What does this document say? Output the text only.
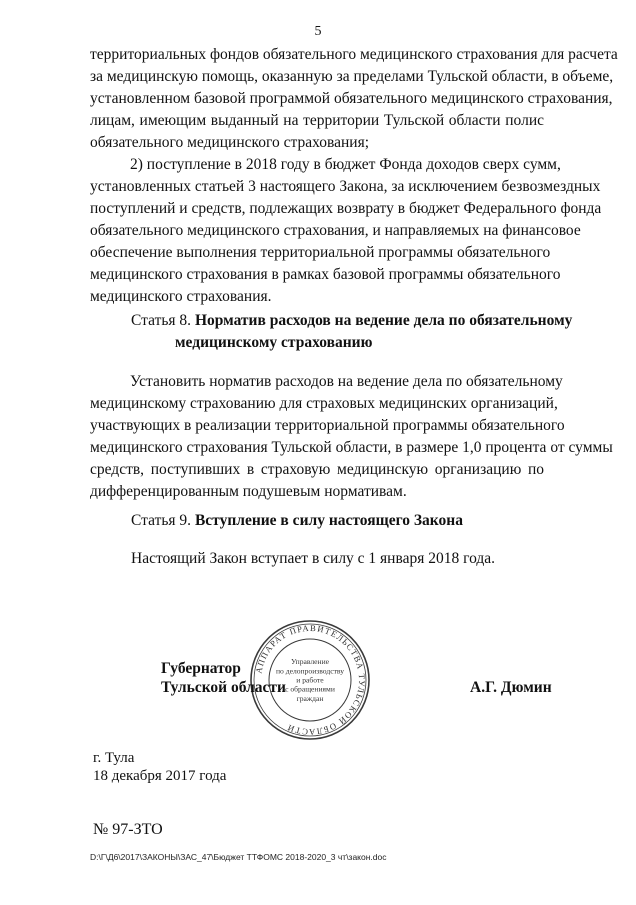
5
территориальных фондов обязательного медицинского страхования для расчета
за медицинскую помощь, оказанную за пределами Тульской области, в объеме,
установленном базовой программой обязательного медицинского страхования,
лицам, имеющим выданный на территории Тульской области полис
обязательного медицинского страхования;
2) поступление в 2018 году в бюджет Фонда доходов сверх сумм,
установленных статьей 3 настоящего Закона, за исключением безвозмездных
поступлений и средств, подлежащих возврату в бюджет Федерального фонда
обязательного медицинского страхования, и направляемых на финансовое
обеспечение выполнения территориальной программы обязательного
медицинского страхования в рамках базовой программы обязательного
медицинского страхования.
Статья 8. Норматив расходов на ведение дела по обязательному
медицинскому страхованию
Установить норматив расходов на ведение дела по обязательному
медицинскому страхованию для страховых медицинских организаций,
участвующих в реализации территориальной программы обязательного
медицинского страхования Тульской области, в размере 1,0 процента от суммы
средств, поступивших в страховую медицинскую организацию по
дифференцированным подушевым нормативам.
Статья 9. Вступление в силу настоящего Закона
Настоящий Закон вступает в силу с 1 января 2018 года.
АППАРАТ ПРАВИТЕЛЬСТВА ТУЛЬСКОЙ ОБЛАСТИ
Управление
по делопроизводству
и работе
с обращениями
граждан
Губернатор
Тульской области	А.Г. Дюмин
г. Тула
18 декабря 2017 года
№ 97-ЗТО
D:\Г\Д6\2017\ЗАКОНЫ\ЗАС_47\Бюджет ТТФОМС 2018-2020_3 чт\закон.doc
